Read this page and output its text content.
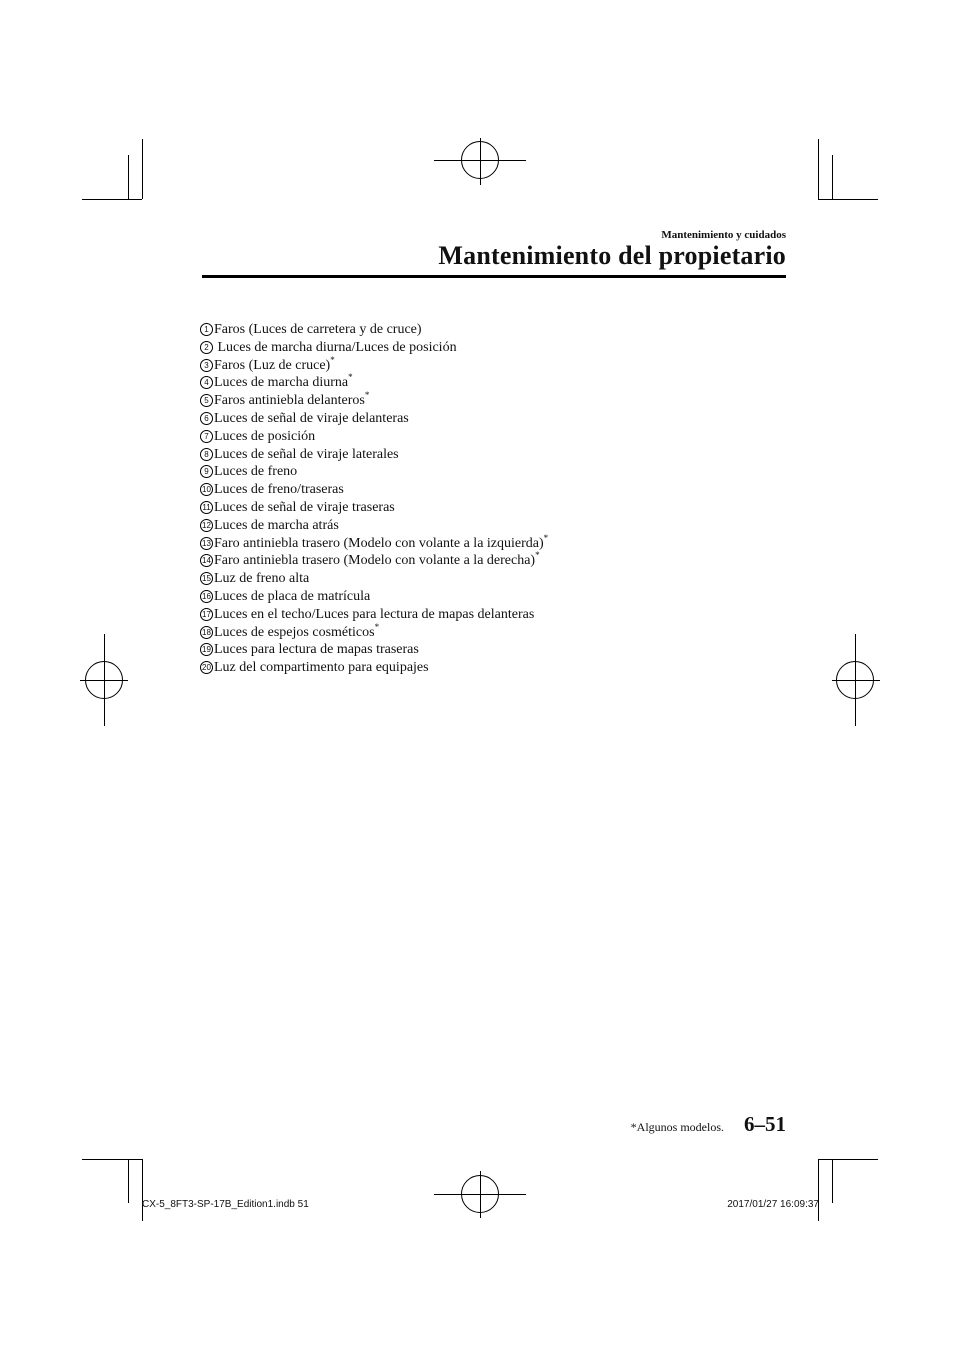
Mantenimiento y cuidados
Mantenimiento del propietario
1 Faros (Luces de carretera y de cruce)
2 Luces de marcha diurna/Luces de posición
3 Faros (Luz de cruce)*
4 Luces de marcha diurna*
5 Faros antiniebla delanteros*
6 Luces de señal de viraje delanteras
7 Luces de posición
8 Luces de señal de viraje laterales
9 Luces de freno
10 Luces de freno/traseras
11 Luces de señal de viraje traseras
12 Luces de marcha atrás
13 Faro antiniebla trasero (Modelo con volante a la izquierda)*
14 Faro antiniebla trasero (Modelo con volante a la derecha)*
15 Luz de freno alta
16 Luces de placa de matrícula
17 Luces en el techo/Luces para lectura de mapas delanteras
18 Luces de espejos cosméticos*
19 Luces para lectura de mapas traseras
20 Luz del compartimento para equipajes
*Algunos modelos. 6–51
CX-5_8FT3-SP-17B_Edition1.indb 51	2017/01/27 16:09:37
